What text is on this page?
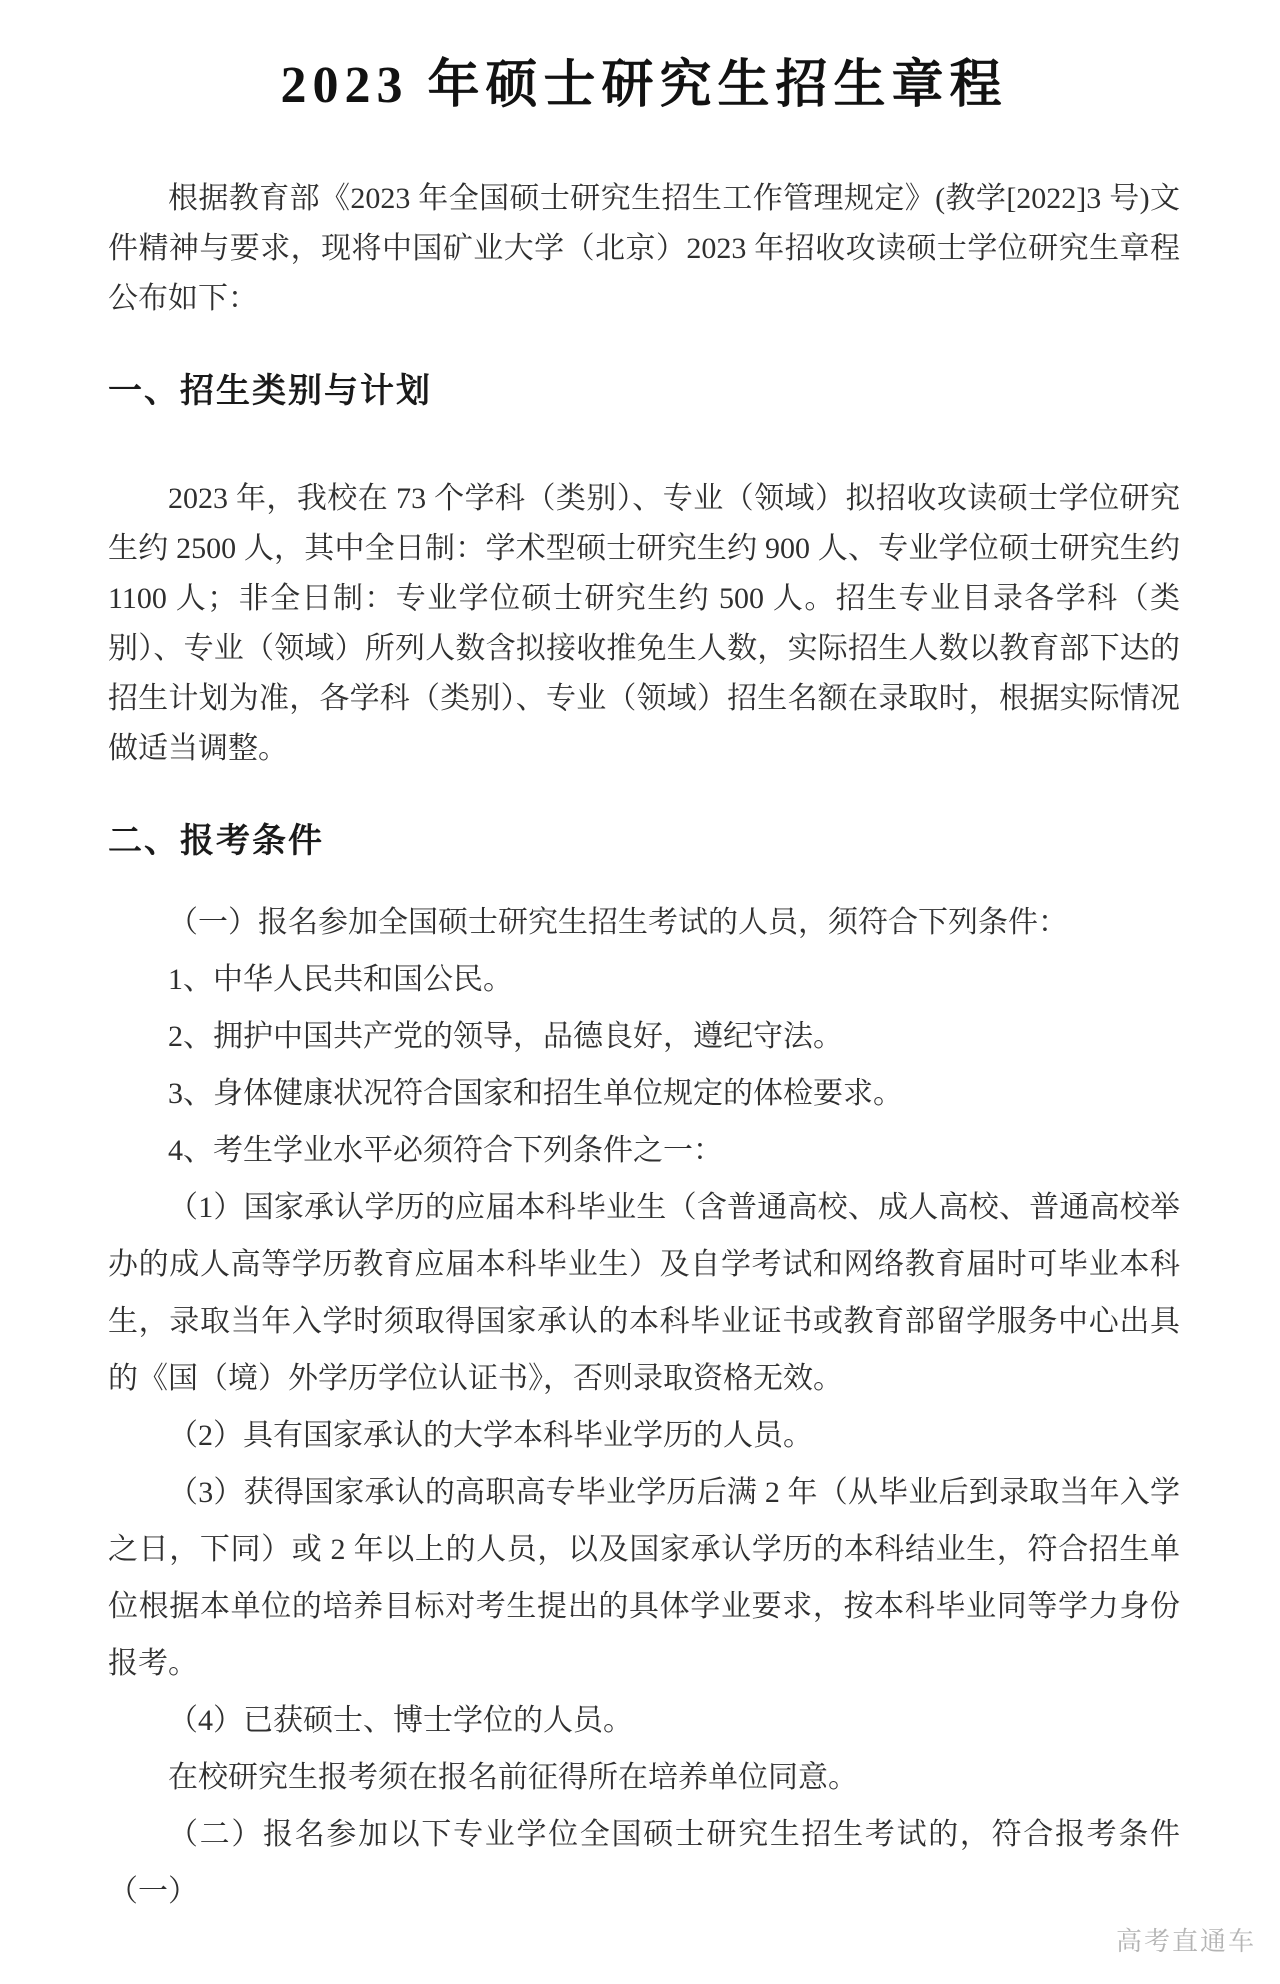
2023 年硕士研究生招生章程

根据教育部《2023 年全国硕士研究生招生工作管理规定》(教学[2022]3 号)文件精神与要求，现将中国矿业大学（北京）2023 年招收攻读硕士学位研究生章程公布如下：

一、招生类别与计划

2023 年，我校在 73 个学科（类别）、专业（领域）拟招收攻读硕士学位研究生约 2500 人，其中全日制：学术型硕士研究生约 900 人、专业学位硕士研究生约 1100 人；非全日制：专业学位硕士研究生约 500 人。招生专业目录各学科（类别）、专业（领域）所列人数含拟接收推免生人数，实际招生人数以教育部下达的招生计划为准，各学科（类别）、专业（领域）招生名额在录取时，根据实际情况做适当调整。

二、报考条件

（一）报名参加全国硕士研究生招生考试的人员，须符合下列条件：

1、中华人民共和国公民。

2、拥护中国共产党的领导，品德良好，遵纪守法。

3、身体健康状况符合国家和招生单位规定的体检要求。

4、考生学业水平必须符合下列条件之一：

（1）国家承认学历的应届本科毕业生（含普通高校、成人高校、普通高校举办的成人高等学历教育应届本科毕业生）及自学考试和网络教育届时可毕业本科生，录取当年入学时须取得国家承认的本科毕业证书或教育部留学服务中心出具的《国（境）外学历学位认证书》，否则录取资格无效。

（2）具有国家承认的大学本科毕业学历的人员。

（3）获得国家承认的高职高专毕业学历后满 2 年（从毕业后到录取当年入学之日，下同）或 2 年以上的人员，以及国家承认学历的本科结业生，符合招生单位根据本单位的培养目标对考生提出的具体学业要求，按本科毕业同等学力身份报考。

（4）已获硕士、博士学位的人员。

在校研究生报考须在报名前征得所在培养单位同意。

（二）报名参加以下专业学位全国硕士研究生招生考试的，符合报考条件（一）

高考直通车
